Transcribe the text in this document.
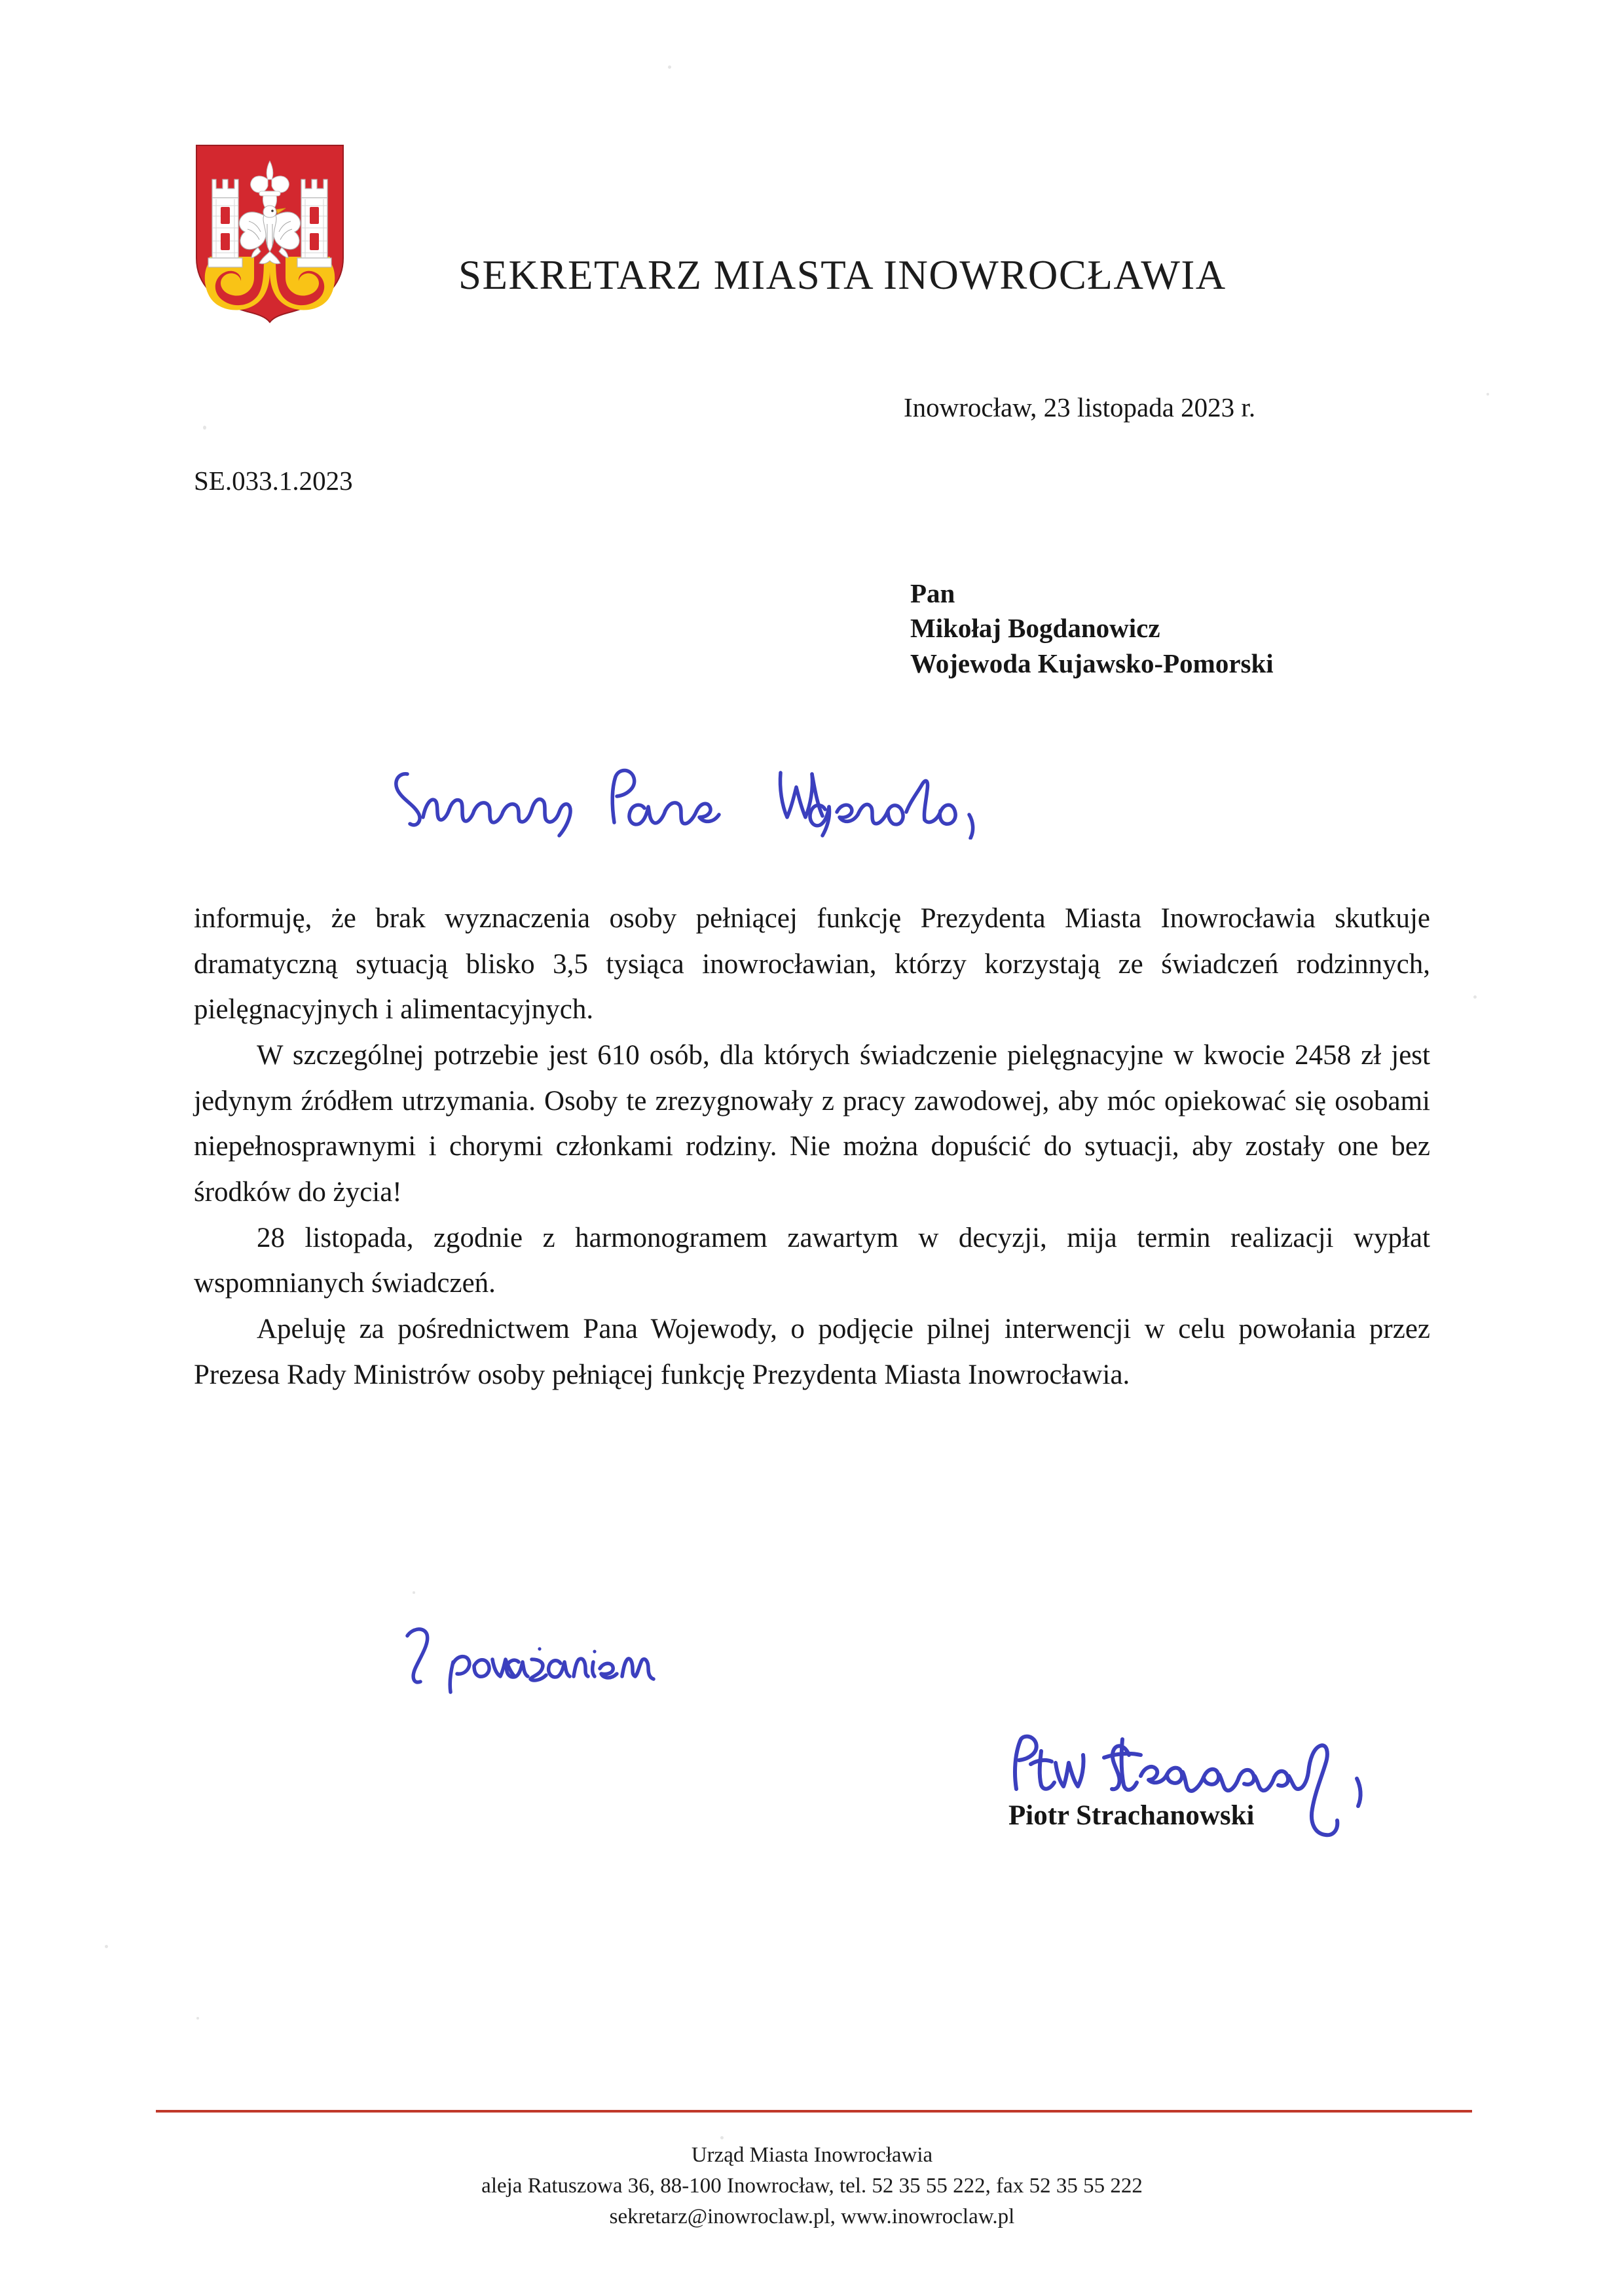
SEKRETARZ MIASTA INOWROCŁAWIA
Inowrocław, 23 listopada 2023 r.
SE.033.1.2023
Pan
Mikołaj Bogdanowicz
Wojewoda Kujawsko-Pomorski

informuję, że brak wyznaczenia osoby pełniącej funkcję Prezydenta Miasta Inowrocławia skutkuje dramatyczną sytuacją blisko 3,5 tysiąca inowrocławian, którzy korzystają ze świadczeń rodzinnych, pielęgnacyjnych i alimentacyjnych.

W szczególnej potrzebie jest 610 osób, dla których świadczenie pielęgnacyjne w kwocie 2458 zł jest jedynym źródłem utrzymania. Osoby te zrezygnowały z pracy zawodowej, aby móc opiekować się osobami niepełnosprawnymi i chorymi członkami rodziny. Nie można dopuścić do sytuacji, aby zostały one bez środków do życia!

28 listopada, zgodnie z harmonogramem zawartym w decyzji, mija termin realizacji wypłat wspomnianych świadczeń.

Apeluję za pośrednictwem Pana Wojewody, o podjęcie pilnej interwencji w celu powołania przez Prezesa Rady Ministrów osoby pełniącej funkcję Prezydenta Miasta Inowrocławia.

Piotr Strachanowski
Urząd Miasta Inowrocławia
aleja Ratuszowa 36, 88-100 Inowrocław, tel. 52 35 55 222, fax 52 35 55 222
sekretarz@inowroclaw.pl, www.inowroclaw.pl
